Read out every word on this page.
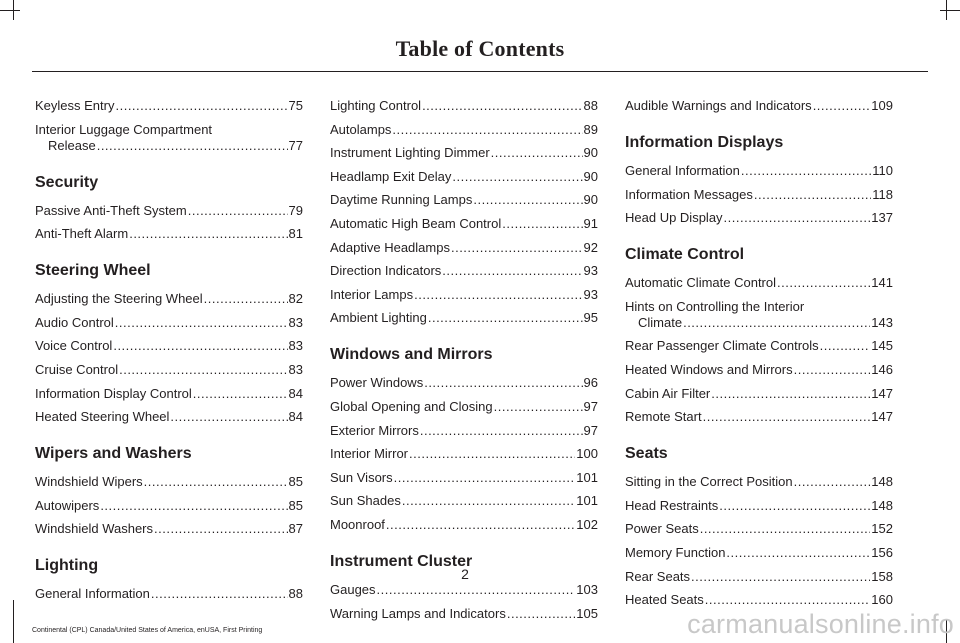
Table of Contents
Keyless Entry .....	75
Interior Luggage Compartment
Release .....	77
Security
Passive Anti-Theft System .....	79
Anti-Theft Alarm .....	81
Steering Wheel
Adjusting the Steering Wheel .....	82
Audio Control .....	83
Voice Control .....	83
Cruise Control .....	83
Information Display Control .....	84
Heated Steering Wheel .....	84
Wipers and Washers
Windshield Wipers .....	85
Autowipers .....	85
Windshield Washers .....	87
Lighting
General Information .....	88
Lighting Control .....	88
Autolamps .....	89
Instrument Lighting Dimmer .....	90
Headlamp Exit Delay .....	90
Daytime Running Lamps .....	90
Automatic High Beam Control .....	91
Adaptive Headlamps .....	92
Direction Indicators .....	93
Interior Lamps .....	93
Ambient Lighting .....	95
Windows and Mirrors
Power Windows .....	96
Global Opening and Closing .....	97
Exterior Mirrors .....	97
Interior Mirror .....	100
Sun Visors .....	101
Sun Shades .....	101
Moonroof .....	102
Instrument Cluster
Gauges .....	103
Warning Lamps and Indicators .....	105
Audible Warnings and Indicators .....	109
Information Displays
General Information .....	110
Information Messages .....	118
Head Up Display .....	137
Climate Control
Automatic Climate Control .....	141
Hints on Controlling the Interior
Climate .....	143
Rear Passenger Climate Controls .....	145
Heated Windows and Mirrors .....	146
Cabin Air Filter .....	147
Remote Start .....	147
Seats
Sitting in the Correct Position .....	148
Head Restraints .....	148
Power Seats .....	152
Memory Function .....	156
Rear Seats .....	158
Heated Seats .....	160
2
Continental (CPL) Canada/United States of America, enUSA, First Printing	carmanualsonline.info
